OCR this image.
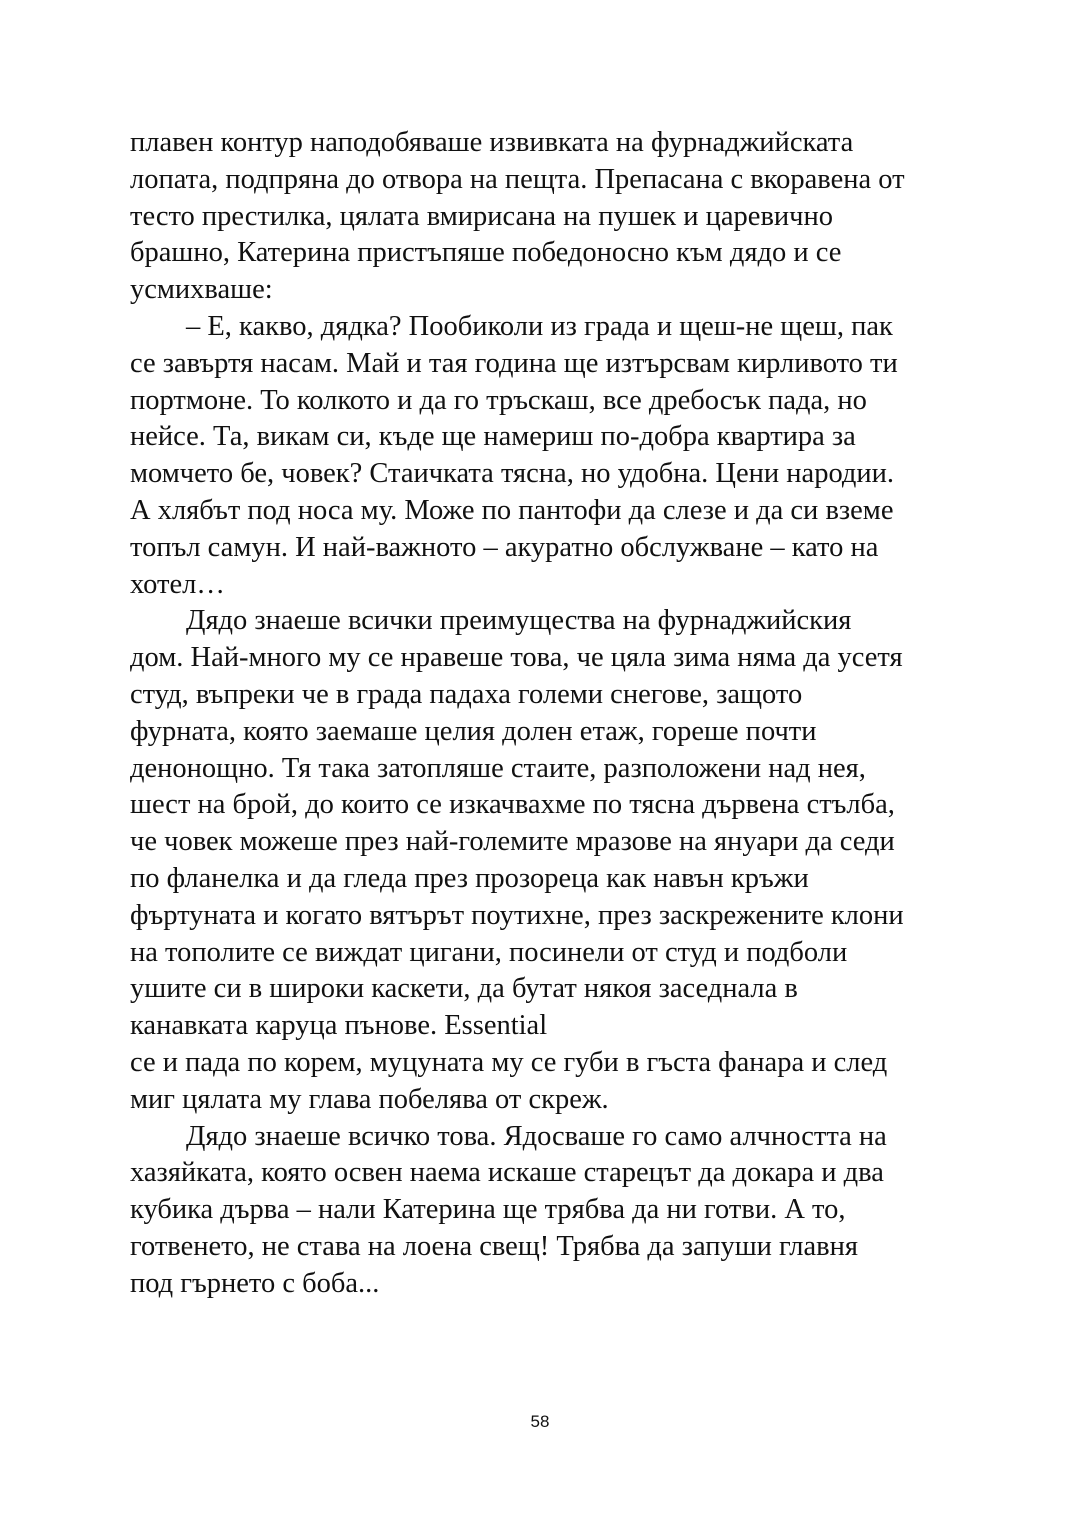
плавен контур наподобяваше извивката на фурнаджийската
лопата, подпряна до отвора на пещта. Препасана с вкоравена от
тесто престилка, цялата вмирисана на пушек и царевично
брашно, Катерина пристъпяше победоносно към дядо и се
усмихваше:
– Е, какво, дядка? Пообиколи из града и щеш-не щеш, пак
се завъртя насам. Май и тая година ще изтърсвам кирливото ти
портмоне. То колкото и да го тръскаш, все дребосък пада, но
нейсе. Та, викам си, къде ще намериш по-добра квартира за
момчето бе, човек? Стаичката тясна, но удобна. Цени народии.
А хлябът под носа му. Може по пантофи да слезе и да си вземе
топъл самун. И най-важното – акуратно обслужване – като на
хотел…
Дядо знаеше всички преимущества на фурнаджийския
дом. Най-много му се нравеше това, че цяла зима няма да усетя
студ, въпреки че в града падаха големи снегове, защото
фурната, която заемаше целия долен етаж, гореше почти
денонощно. Тя така затопляше стаите, разположени над нея,
шест на брой, до които се изкачвахме по тясна дървена стълба,
че човек можеше през най-големите мразове на януари да седи
по фланелка и да гледа през прозореца как навън кръжи
фъртуната и когато вятърът поутихне, през заскрежените клони
на тополите се виждат цигани, посинели от студ и подболи
ушите си в широки каскети, да бутат някоя заседнала в
канавката каруца пънове. Essential
се и пада по корем, муцуната му се губи в гъста фанара и след
миг цялата му глава побелява от скреж.
Дядо знаеше всичко това. Ядосваше го само алчността на
хазяйката, която освен наема искаше старецът да докара и два
кубика дърва – нали Катерина ще трябва да ни готви. А то,
готвенето, не става на лоена свещ! Трябва да запуши главня
под гърнето с боба...
58
